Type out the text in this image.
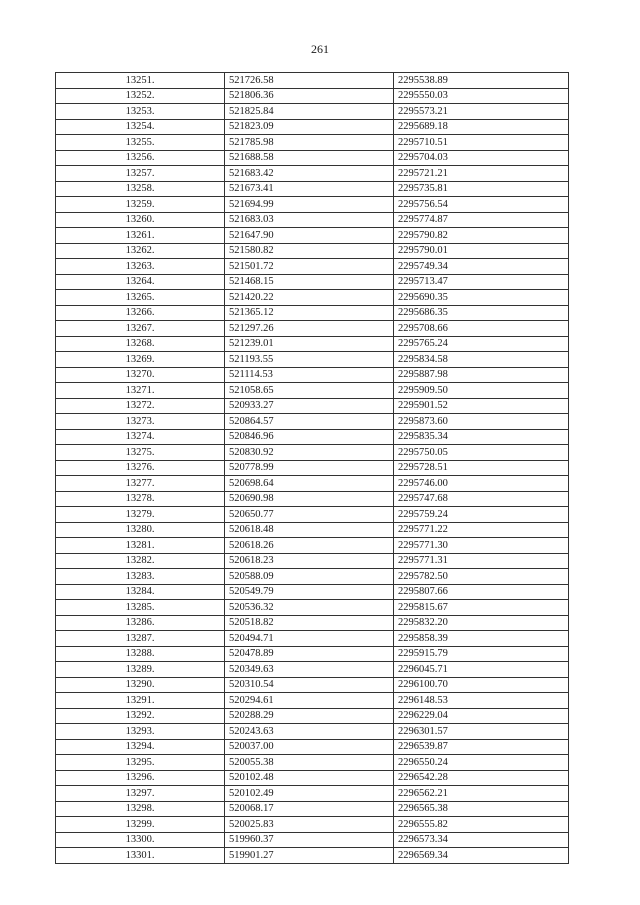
261
13251.	521726.58	2295538.89
13252.	521806.36	2295550.03
13253.	521825.84	2295573.21
13254.	521823.09	2295689.18
13255.	521785.98	2295710.51
13256.	521688.58	2295704.03
13257.	521683.42	2295721.21
13258.	521673.41	2295735.81
13259.	521694.99	2295756.54
13260.	521683.03	2295774.87
13261.	521647.90	2295790.82
13262.	521580.82	2295790.01
13263.	521501.72	2295749.34
13264.	521468.15	2295713.47
13265.	521420.22	2295690.35
13266.	521365.12	2295686.35
13267.	521297.26	2295708.66
13268.	521239.01	2295765.24
13269.	521193.55	2295834.58
13270.	521114.53	2295887.98
13271.	521058.65	2295909.50
13272.	520933.27	2295901.52
13273.	520864.57	2295873.60
13274.	520846.96	2295835.34
13275.	520830.92	2295750.05
13276.	520778.99	2295728.51
13277.	520698.64	2295746.00
13278.	520690.98	2295747.68
13279.	520650.77	2295759.24
13280.	520618.48	2295771.22
13281.	520618.26	2295771.30
13282.	520618.23	2295771.31
13283.	520588.09	2295782.50
13284.	520549.79	2295807.66
13285.	520536.32	2295815.67
13286.	520518.82	2295832.20
13287.	520494.71	2295858.39
13288.	520478.89	2295915.79
13289.	520349.63	2296045.71
13290.	520310.54	2296100.70
13291.	520294.61	2296148.53
13292.	520288.29	2296229.04
13293.	520243.63	2296301.57
13294.	520037.00	2296539.87
13295.	520055.38	2296550.24
13296.	520102.48	2296542.28
13297.	520102.49	2296562.21
13298.	520068.17	2296565.38
13299.	520025.83	2296555.82
13300.	519960.37	2296573.34
13301.	519901.27	2296569.34
